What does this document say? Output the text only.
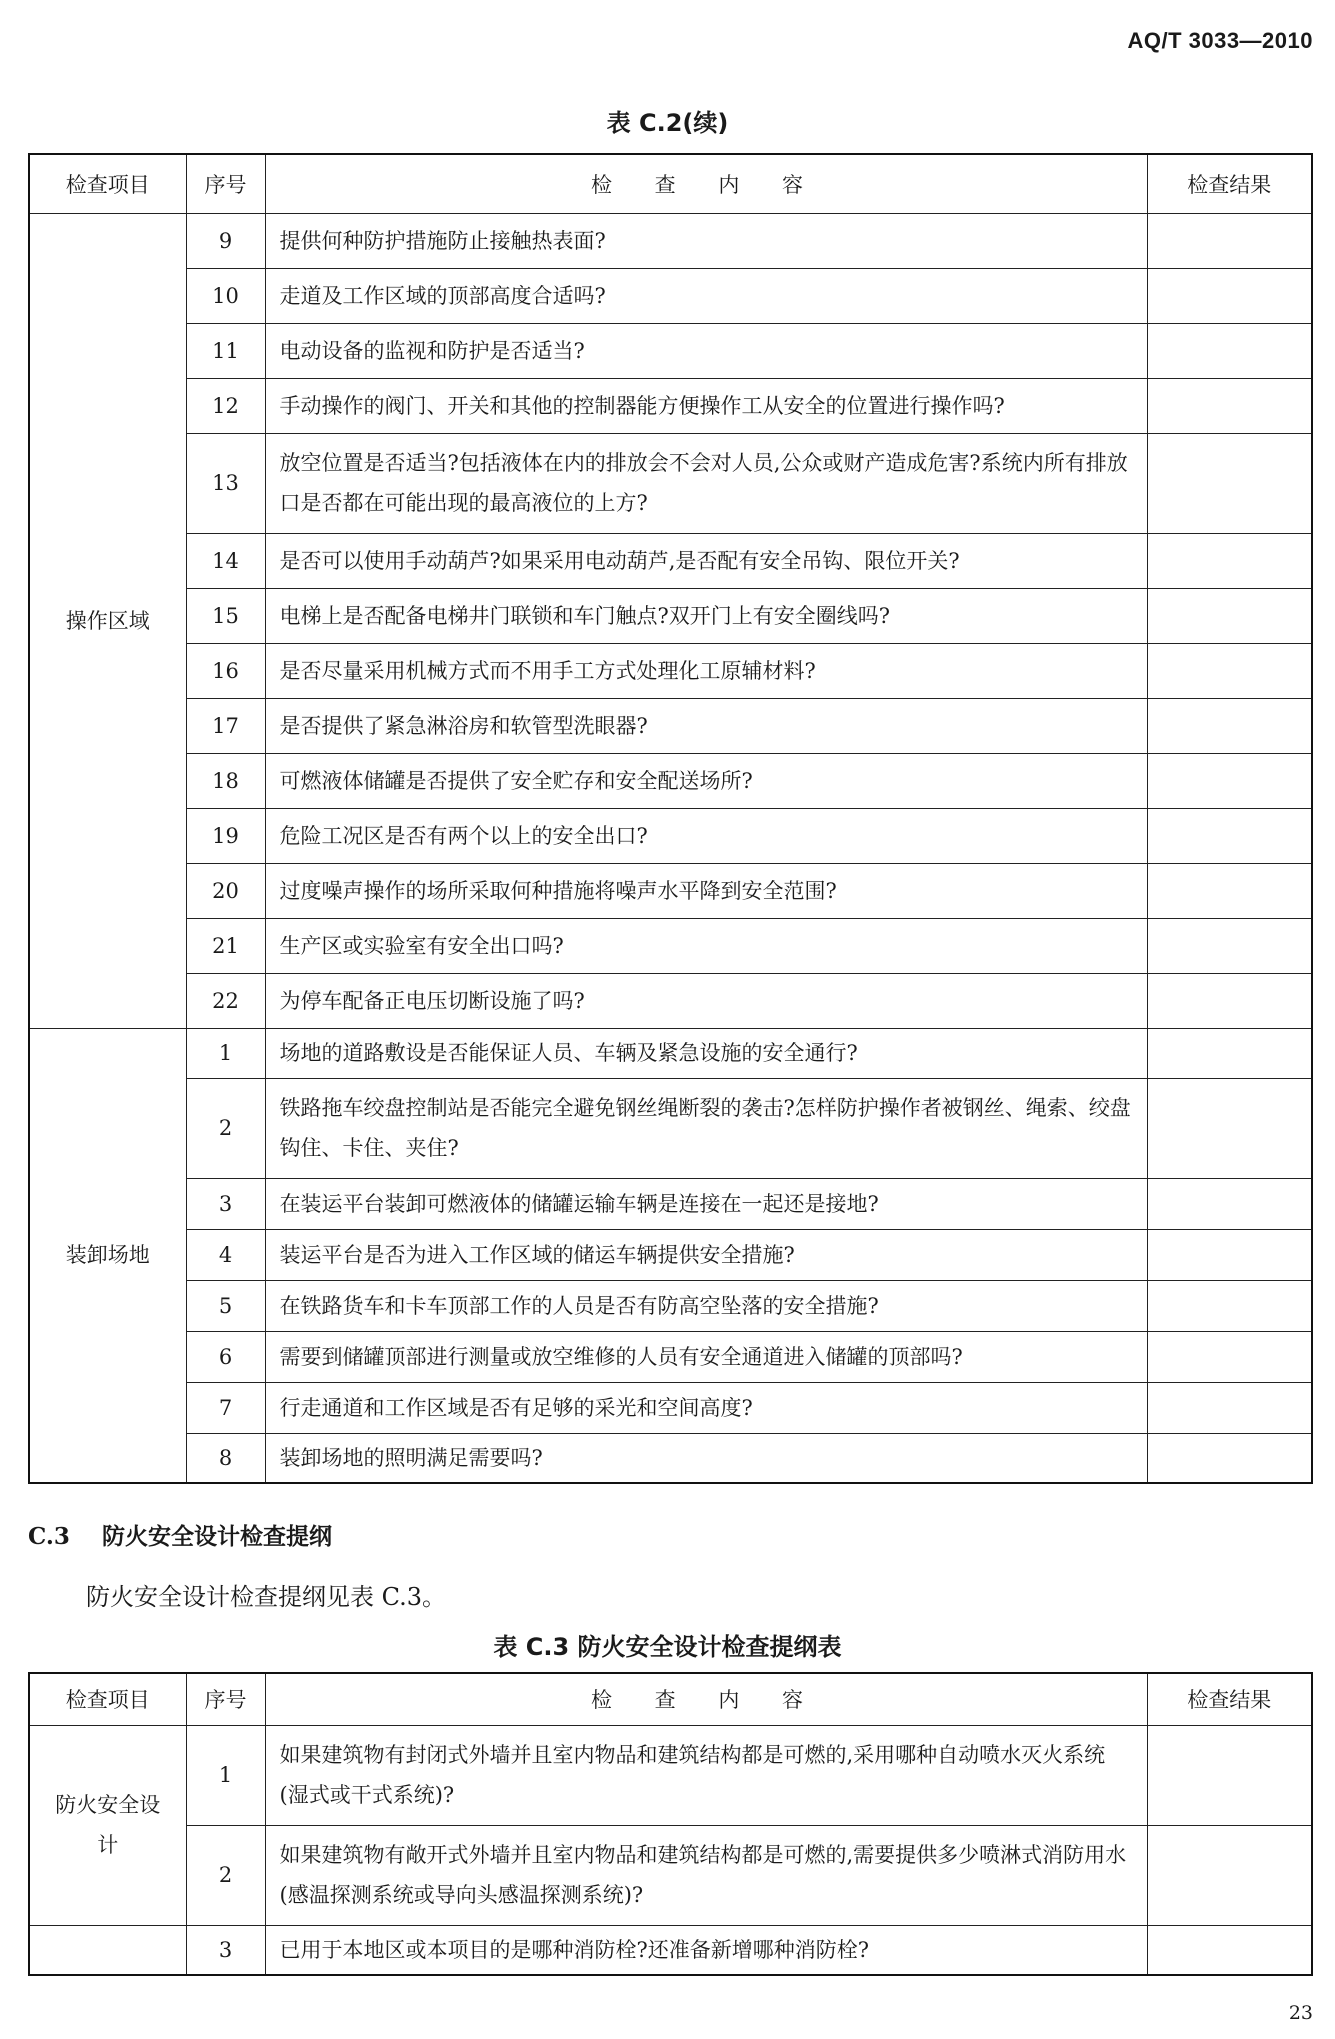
AQ/T 3033—2010
表 C.2(续)
检查项目	序号	检 查 内 容	检查结果
操作区域	9	提供何种防护措施防止接触热表面?	
	10	走道及工作区域的顶部高度合适吗?	
	11	电动设备的监视和防护是否适当?	
	12	手动操作的阀门、开关和其他的控制器能方便操作工从安全的位置进行操作吗?	
	13	放空位置是否适当?包括液体在内的排放会不会对人员,公众或财产造成危害?系统内所有排放口是否都在可能出现的最高液位的上方?	
	14	是否可以使用手动葫芦?如果采用电动葫芦,是否配有安全吊钩、限位开关?	
	15	电梯上是否配备电梯井门联锁和车门触点?双开门上有安全圈线吗?	
	16	是否尽量采用机械方式而不用手工方式处理化工原辅材料?	
	17	是否提供了紧急淋浴房和软管型洗眼器?	
	18	可燃液体储罐是否提供了安全贮存和安全配送场所?	
	19	危险工况区是否有两个以上的安全出口?	
	20	过度噪声操作的场所采取何种措施将噪声水平降到安全范围?	
	21	生产区或实验室有安全出口吗?	
	22	为停车配备正电压切断设施了吗?	
装卸场地	1	场地的道路敷设是否能保证人员、车辆及紧急设施的安全通行?	
	2	铁路拖车绞盘控制站是否能完全避免钢丝绳断裂的袭击?怎样防护操作者被钢丝、绳索、绞盘钩住、卡住、夹住?	
	3	在装运平台装卸可燃液体的储罐运输车辆是连接在一起还是接地?	
	4	装运平台是否为进入工作区域的储运车辆提供安全措施?	
	5	在铁路货车和卡车顶部工作的人员是否有防高空坠落的安全措施?	
	6	需要到储罐顶部进行测量或放空维修的人员有安全通道进入储罐的顶部吗?	
	7	行走通道和工作区域是否有足够的采光和空间高度?	
	8	装卸场地的照明满足需要吗?	
C.3 防火安全设计检查提纲
防火安全设计检查提纲见表 C.3。
表 C.3 防火安全设计检查提纲表
检查项目	序号	检 查 内 容	检查结果
防火安全设计	1	如果建筑物有封闭式外墙并且室内物品和建筑结构都是可燃的,采用哪种自动喷水灭火系统(湿式或干式系统)?	
	2	如果建筑物有敞开式外墙并且室内物品和建筑结构都是可燃的,需要提供多少喷淋式消防用水(感温探测系统或导向头感温探测系统)?	
	3	已用于本地区或本项目的是哪种消防栓?还准备新增哪种消防栓?	
23
